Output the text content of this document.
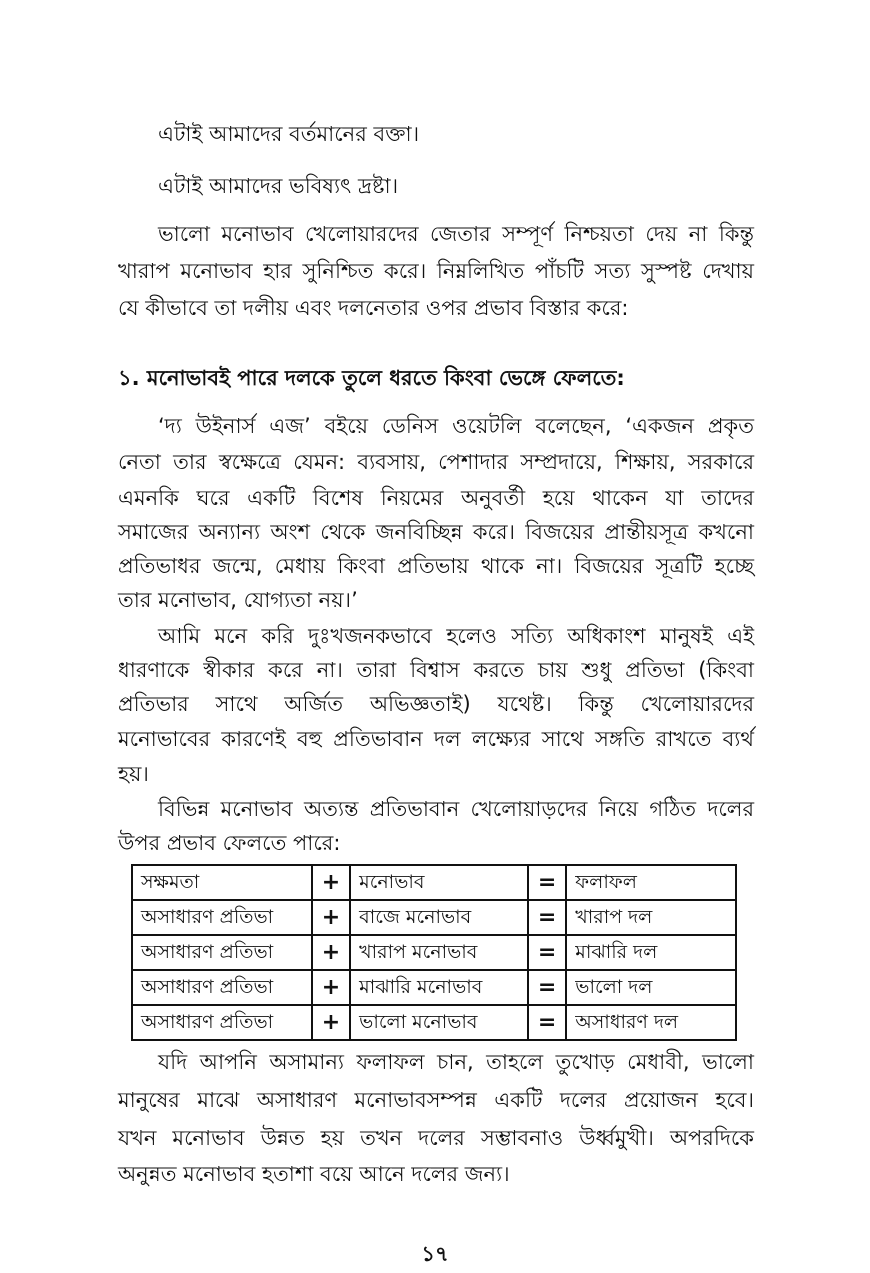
এটাই আমাদের বর্তমানের বক্তা।
এটাই আমাদের ভবিষ্যৎ দ্রষ্টা।
ভালো মনোভাব খেলোয়ারদের জেতার সম্পূর্ণ নিশ্চয়তা দেয় না কিন্তু
খারাপ মনোভাব হার সুনিশ্চিত করে। নিম্নলিখিত পাঁচটি সত্য সুস্পষ্ট দেখায়
যে কীভাবে তা দলীয় এবং দলনেতার ওপর প্রভাব বিস্তার করে:
১. মনোভাবই পারে দলকে তুলে ধরতে কিংবা ভেঙ্গে ফেলতে:
‘দ্য উইনার্স এজ’ বইয়ে ডেনিস ওয়েটলি বলেছেন, ‘একজন প্রকৃত
নেতা তার স্বক্ষেত্রে যেমন: ব্যবসায়, পেশাদার সম্প্রদায়ে, শিক্ষায়, সরকারে
এমনকি ঘরে একটি বিশেষ নিয়মের অনুবর্তী হয়ে থাকেন যা তাদের
সমাজের অন্যান্য অংশ থেকে জনবিচ্ছিন্ন করে। বিজয়ের প্রান্তীয়সূত্র কখনো
প্রতিভাধর জন্মে, মেধায় কিংবা প্রতিভায় থাকে না। বিজয়ের সূত্রটি হচ্ছে
তার মনোভাব, যোগ্যতা নয়।’
আমি মনে করি দুঃখজনকভাবে হলেও সত্যি অধিকাংশ মানুষই এই
ধারণাকে স্বীকার করে না। তারা বিশ্বাস করতে চায় শুধু প্রতিভা (কিংবা
প্রতিভার সাথে অর্জিত অভিজ্ঞতাই) যথেষ্ট। কিন্তু খেলোয়ারদের
মনোভাবের কারণেই বহু প্রতিভাবান দল লক্ষ্যের সাথে সঙ্গতি রাখতে ব্যর্থ
হয়।
বিভিন্ন মনোভাব অত্যন্ত প্রতিভাবান খেলোয়াড়দের নিয়ে গঠিত দলের
উপর প্রভাব ফেলতে পারে:
সক্ষমতা	+	মনোভাব	=	ফলাফল
অসাধারণ প্রতিভা	+	বাজে মনোভাব	=	খারাপ দল
অসাধারণ প্রতিভা	+	খারাপ মনোভাব	=	মাঝারি দল
অসাধারণ প্রতিভা	+	মাঝারি মনোভাব	=	ভালো দল
অসাধারণ প্রতিভা	+	ভালো মনোভাব	=	অসাধারণ দল
যদি আপনি অসামান্য ফলাফল চান, তাহলে তুখোড় মেধাবী, ভালো
মানুষের মাঝে অসাধারণ মনোভাবসম্পন্ন একটি দলের প্রয়োজন হবে।
যখন মনোভাব উন্নত হয় তখন দলের সম্ভাবনাও উর্ধ্বমুখী। অপরদিকে
অনুন্নত মনোভাব হতাশা বয়ে আনে দলের জন্য।
১৭
